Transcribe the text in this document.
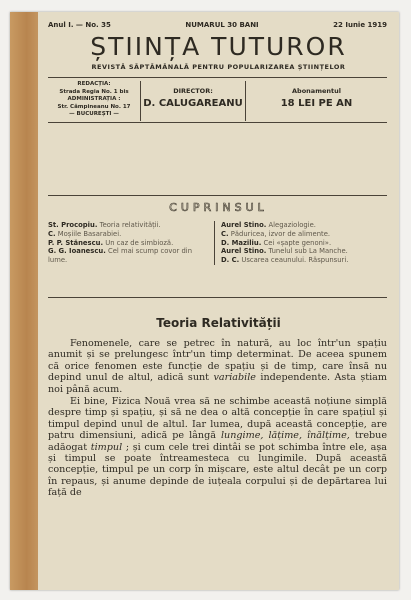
Anul I. — No. 35	NUMARUL 30 BANI	22 Iunie 1919
ȘTIINȚA TUTUROR
REVISTĂ SĂPTĂMÂNALĂ PENTRU POPULARIZAREA ȘTIINȚELOR
REDACȚIA:
Strada Regia No. 1 bis
ADMINISTRAȚIA :
Str. Câmpineanu No. 17
— BUCUREȘTI —
DIRECTOR:
D. CALUGAREANU
Abonamentul
18 LEI PE AN
CUPRINSUL
St. Procopiu. Teoria relativității.
C. Moșiile Basarabiei.
P. P. Stănescu. Un caz de simbioză.
G. G. Ioanescu. Cel mai scump covor din lume.
Aurel Stino. Alegaziologie.
C. Păduricea, izvor de alimente.
D. Maziliu. Cei «șapte genoni».
Aurel Stino. Tunelul sub La Manche.
D. C. Uscarea ceaunului. Răspunsuri.
Teoria Relativității

Fenomenele, care se petrec în natură, au loc într'un spațiu anumit și se prelungesc într'un timp determinat. De aceea spunem că orice fenomen este funcție de spațiu și de timp, care însă nu depind unul de altul, adică sunt variabile independente. Asta știam noi până acum.

Ei bine, Fizica Nouă vrea să ne schimbe această noțiune simplă despre timp și spațiu, și să ne dea o altă concepție în care spațiul și timpul depind unul de altul. Iar lumea, după această concepție, are patru dimensiuni, adică pe lângă lungime, lățime, înălțime, trebue adăogat timpul ; și cum cele trei dintâi se pot schimba între ele, așa și timpul se poate întreamestecа cu lungimile. După această concepție, timpul pe un corp în mișcare, este altul decât pe un corp în repaus, și anume depinde de iuțeala corpului și de depărtarea lui față de
